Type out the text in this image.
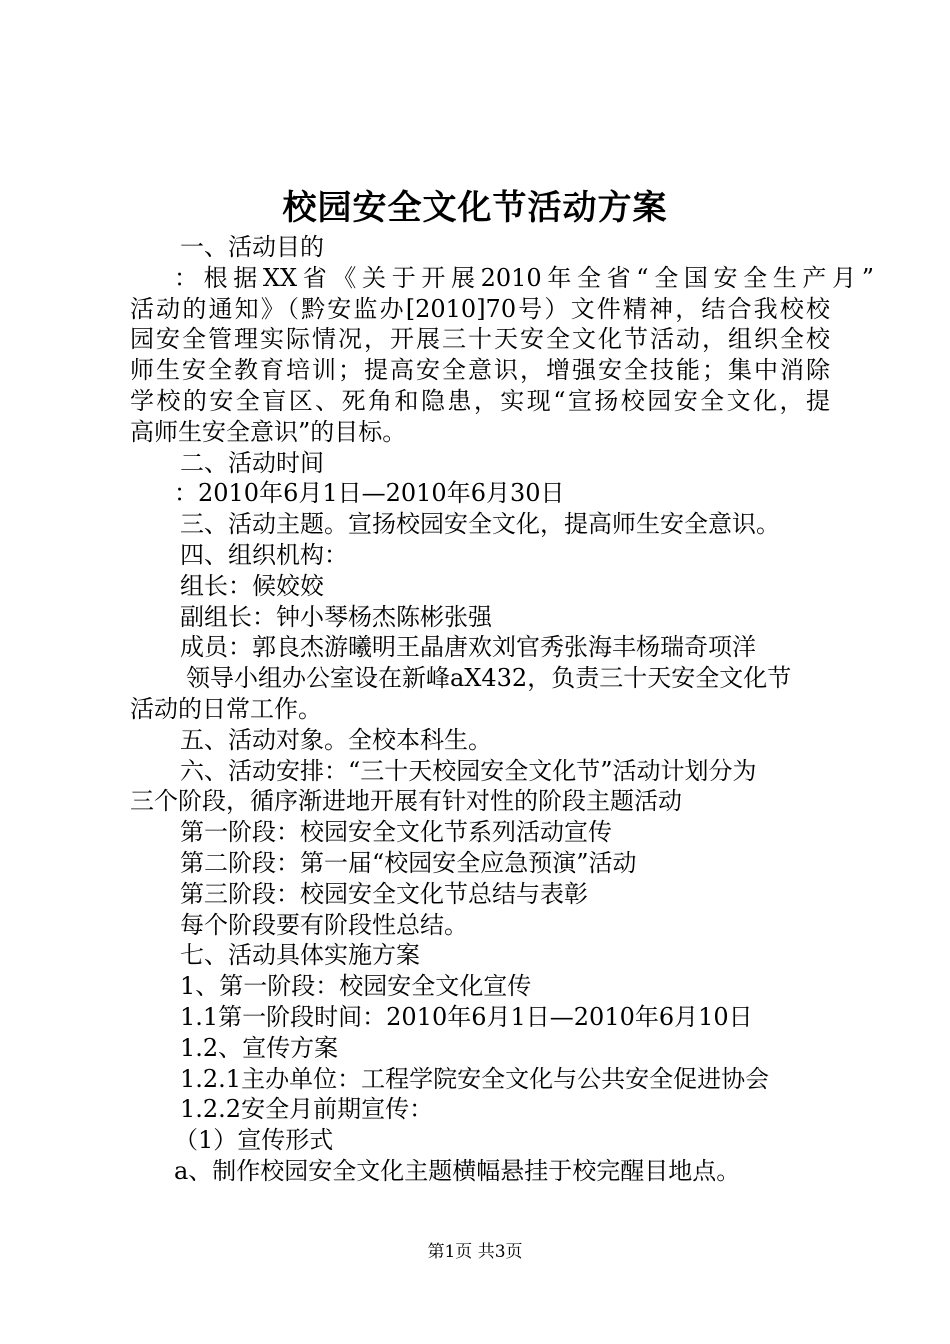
校园安全文化节活动方案
一、活动目的
：根据XX省《关于开展2010年全省“全国安全生产月”
活动的通知》（黔安监办[2010]70号）文件精神，结合我校校
园安全管理实际情况，开展三十天安全文化节活动，组织全校
师生安全教育培训；提高安全意识，增强安全技能；集中消除
学校的安全盲区、死角和隐患，实现“宣扬校园安全文化，提
高师生安全意识”的目标。
二、活动时间
：2010年6月1日—2010年6月30日
三、活动主题。宣扬校园安全文化，提高师生安全意识。
四、组织机构：
组长：候姣姣
副组长：钟小琴杨杰陈彬张强
成员：郭良杰游曦明王晶唐欢刘官秀张海丰杨瑞奇项洋
领导小组办公室设在新峰aX432，负责三十天安全文化节
活动的日常工作。
五、活动对象。全校本科生。
六、活动安排：“三十天校园安全文化节”活动计划分为
三个阶段，循序渐进地开展有针对性的阶段主题活动
第一阶段：校园安全文化节系列活动宣传
第二阶段：第一届“校园安全应急预演”活动
第三阶段：校园安全文化节总结与表彰
每个阶段要有阶段性总结。
七、活动具体实施方案
1、第一阶段：校园安全文化宣传
1.1第一阶段时间：2010年6月1日—2010年6月10日
1.2、宣传方案
1.2.1主办单位：工程学院安全文化与公共安全促进协会
1.2.2安全月前期宣传：
（1）宣传形式
a、制作校园安全文化主题横幅悬挂于校完醒目地点。
第1页 共3页
